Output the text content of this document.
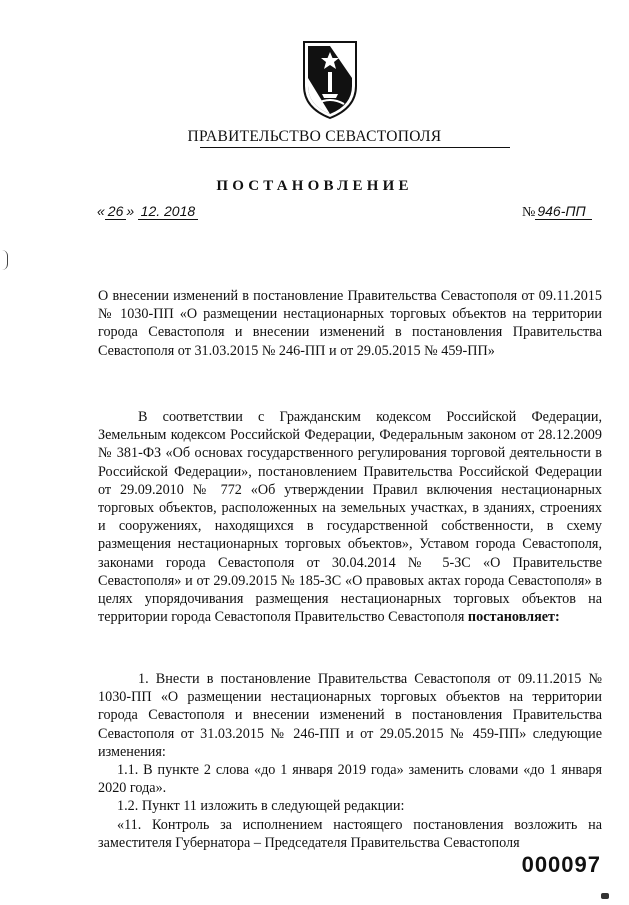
ПРАВИТЕЛЬСТВО СЕВАСТОПОЛЯ
ПОСТАНОВЛЕНИЕ
« 26 » 12. 2018	№ 946-ПП

О внесении изменений в постановление Правительства Севастополя от 09.11.2015 № 1030-ПП «О размещении нестационарных торговых объектов на территории города Севастополя и внесении изменений в постановления Правительства Севастополя от 31.03.2015 № 246-ПП и от 29.05.2015 № 459-ПП»

В соответствии с Гражданским кодексом Российской Федерации, Земельным кодексом Российской Федерации, Федеральным законом от 28.12.2009 № 381-ФЗ «Об основах государственного регулирования торговой деятельности в Российской Федерации», постановлением Правительства Российской Федерации от 29.09.2010 № 772 «Об утверждении Правил включения нестационарных торговых объектов, расположенных на земельных участках, в зданиях, строениях и сооружениях, находящихся в государственной собственности, в схему размещения нестационарных торговых объектов», Уставом города Севастополя, законами города Севастополя от 30.04.2014 № 5-ЗС «О Правительстве Севастополя» и от 29.09.2015 № 185-ЗС «О правовых актах города Севастополя» в целях упорядочивания размещения нестационарных торговых объектов на территории города Севастополя Правительство Севастополя постановляет:

1. Внести в постановление Правительства Севастополя от 09.11.2015 № 1030-ПП «О размещении нестационарных торговых объектов на территории города Севастополя и внесении изменений в постановления Правительства Севастополя от 31.03.2015 № 246-ПП и от 29.05.2015 № 459-ПП» следующие изменения:

1.1. В пункте 2 слова «до 1 января 2019 года» заменить словами «до 1 января 2020 года».

1.2. Пункт 11 изложить в следующей редакции:

«11. Контроль за исполнением настоящего постановления возложить на заместителя Губернатора – Председателя Правительства Севастополя

000097
